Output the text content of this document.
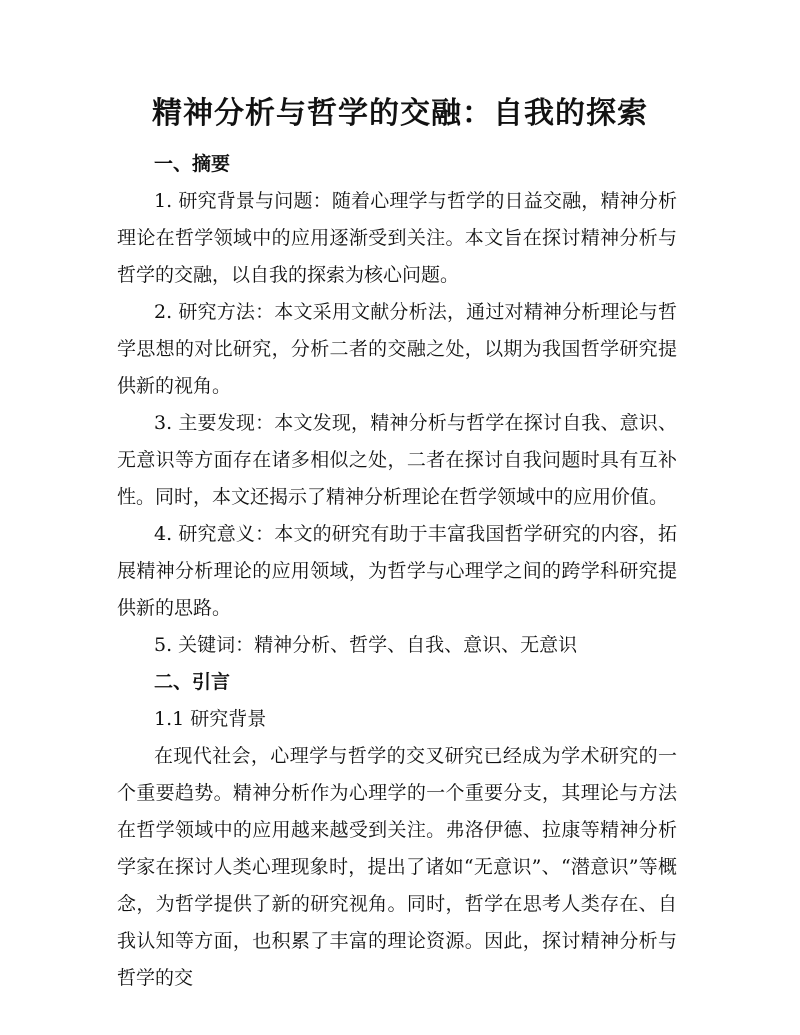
精神分析与哲学的交融：自我的探索

一、摘要

1. 研究背景与问题：随着心理学与哲学的日益交融，精神分析理论在哲学领域中的应用逐渐受到关注。本文旨在探讨精神分析与哲学的交融，以自我的探索为核心问题。

2. 研究方法：本文采用文献分析法，通过对精神分析理论与哲学思想的对比研究，分析二者的交融之处，以期为我国哲学研究提供新的视角。

3. 主要发现：本文发现，精神分析与哲学在探讨自我、意识、无意识等方面存在诸多相似之处，二者在探讨自我问题时具有互补性。同时，本文还揭示了精神分析理论在哲学领域中的应用价值。

4. 研究意义：本文的研究有助于丰富我国哲学研究的内容，拓展精神分析理论的应用领域，为哲学与心理学之间的跨学科研究提供新的思路。

5. 关键词：精神分析、哲学、自我、意识、无意识

二、引言

1.1 研究背景

在现代社会，心理学与哲学的交叉研究已经成为学术研究的一个重要趋势。精神分析作为心理学的一个重要分支，其理论与方法在哲学领域中的应用越来越受到关注。弗洛伊德、拉康等精神分析学家在探讨人类心理现象时，提出了诸如“无意识”、“潜意识”等概念，为哲学提供了新的研究视角。同时，哲学在思考人类存在、自我认知等方面，也积累了丰富的理论资源。因此，探讨精神分析与哲学的交
